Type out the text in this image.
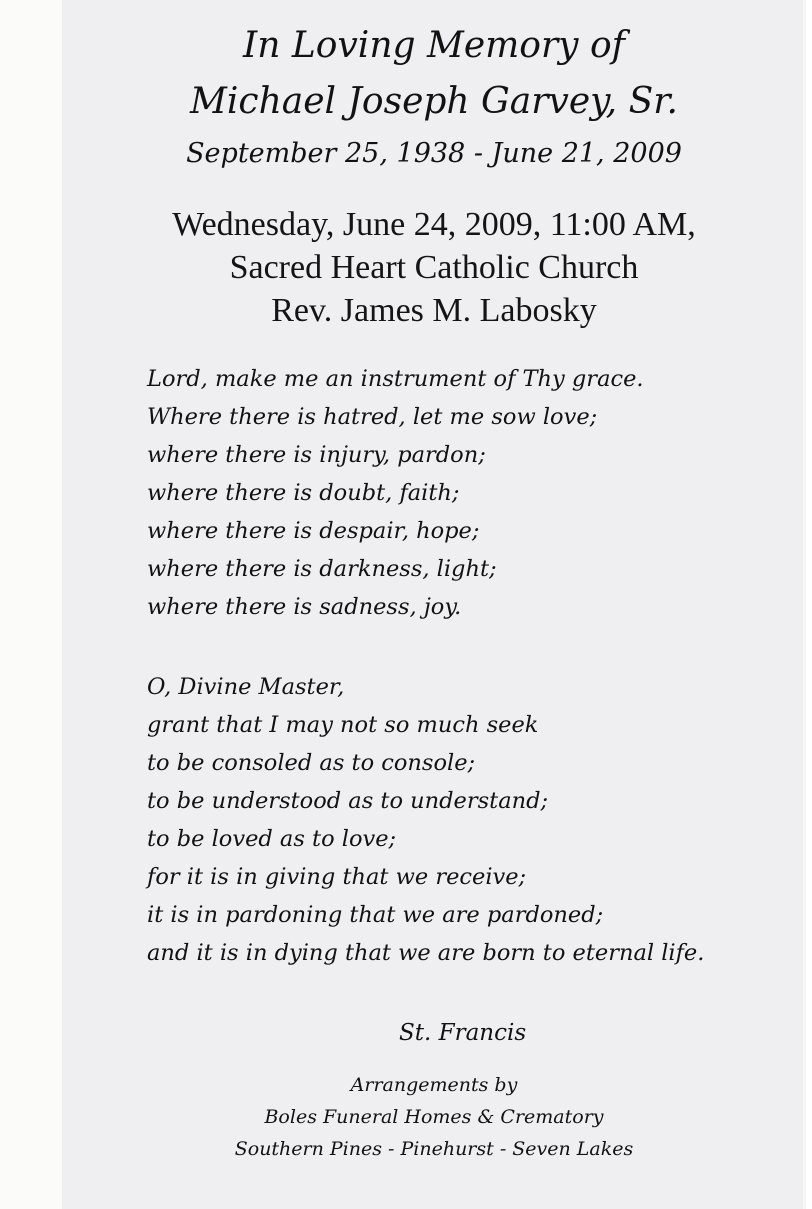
In Loving Memory of
Michael Joseph Garvey, Sr.
September 25, 1938 - June 21, 2009
Wednesday, June 24, 2009, 11:00 AM,
Sacred Heart Catholic Church
Rev. James M. Labosky
Lord, make me an instrument of Thy grace.
Where there is hatred, let me sow love;
where there is injury, pardon;
where there is doubt, faith;
where there is despair, hope;
where there is darkness, light;
where there is sadness, joy.
O, Divine Master,
grant that I may not so much seek
to be consoled as to console;
to be understood as to understand;
to be loved as to love;
for it is in giving that we receive;
it is in pardoning that we are pardoned;
and it is in dying that we are born to eternal life.
St. Francis
Arrangements by
Boles Funeral Homes & Crematory
Southern Pines - Pinehurst - Seven Lakes
